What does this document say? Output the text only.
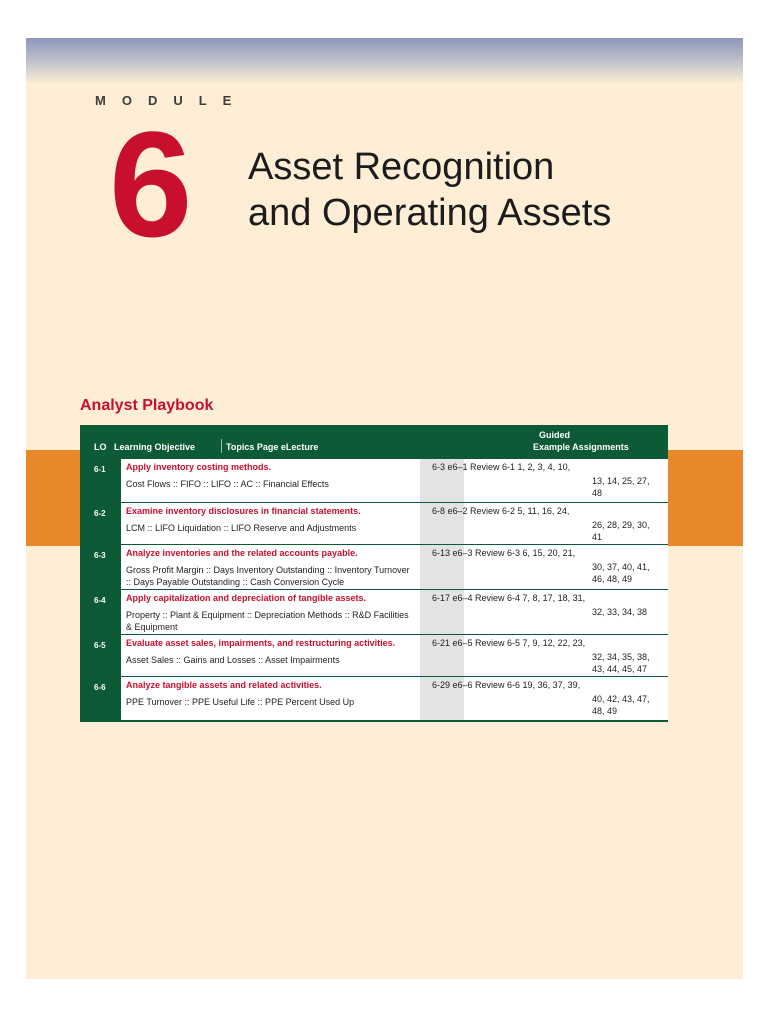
MODULE
6 Asset Recognition
and Operating Assets
Analyst Playbook
LO Learning Objective	Topics Page eLecture
Guided
Example Assignments
6-1 Apply inventory costing methods.
Cost Flows :: FIFO :: LIFO :: AC :: Financial Effects
6-3 e6–1 Review 6-1 1, 2, 3, 4, 10,
13, 14, 25, 27, 48
6-2 Examine inventory disclosures in financial statements.
LCM :: LIFO Liquidation :: LIFO Reserve and Adjustments
6-8 e6–2 Review 6-2 5, 11, 16, 24,
26, 28, 29, 30, 41
6-3 Analyze inventories and the related accounts payable.
Gross Profit Margin :: Days Inventory Outstanding :: Inventory Turnover :: Days Payable Outstanding :: Cash Conversion Cycle
6-13 e6–3 Review 6-3 6, 15, 20, 21,
30, 37, 40, 41, 46, 48, 49
6-4 Apply capitalization and depreciation of tangible assets.
Property :: Plant & Equipment :: Depreciation Methods :: R&D Facilities & Equipment
6-17 e6–4 Review 6-4 7, 8, 17, 18, 31,
32, 33, 34, 38
6-5 Evaluate asset sales, impairments, and restructuring activities.
Asset Sales :: Gains and Losses :: Asset Impairments
6-21 e6–5 Review 6-5 7, 9, 12, 22, 23,
32, 34, 35, 38, 43, 44, 45, 47
6-6 Analyze tangible assets and related activities.
PPE Turnover :: PPE Useful Life :: PPE Percent Used Up
6-29 e6–6 Review 6-6 19, 36, 37, 39,
40, 42, 43, 47, 48, 49
